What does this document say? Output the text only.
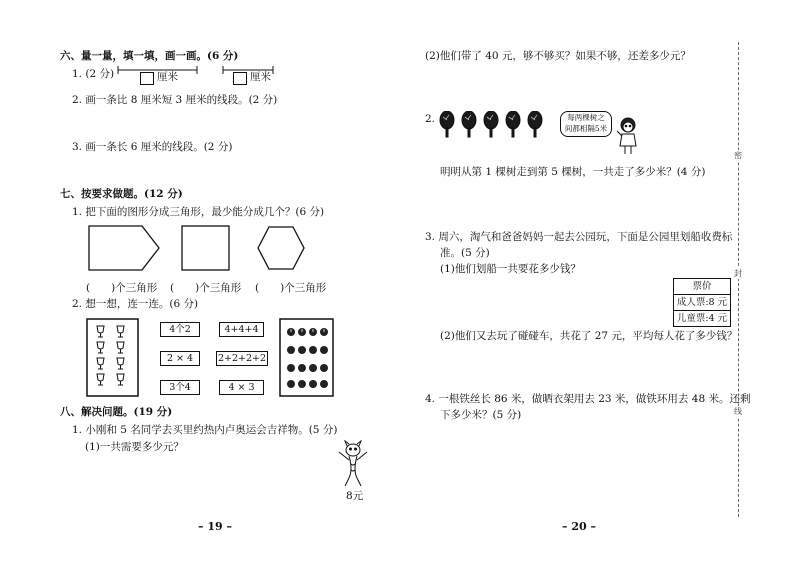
六、量一量，填一填，画一画。(6 分)
1. (2 分)	厘米	厘米
2. 画一条比 8 厘米短 3 厘米的线段。(2 分)
3. 画一条长 6 厘米的线段。(2 分)
七、按要求做题。(12 分)
1. 把下面的图形分成三角形，最少能分成几个？(6 分)
(　　)个三角形 (　　)个三角形 (　　)个三角形
2. 想一想，连一连。(6 分)
4个2	4+4+4
2 × 4	2+2+2+2
3个4	4 × 3
八、解决问题。(19 分)
1. 小刚和 5 名同学去买里约热内卢奥运会吉祥物。(5 分)
(1)一共需要多少元？
8元
– 19 –
(2)他们带了 40 元，够不够买？如果不够，还差多少元？
2.	每两棵树之
间都相隔5米
明明从第 1 棵树走到第 5 棵树，一共走了多少米？(4 分)
3. 周六，淘气和爸爸妈妈一起去公园玩，下面是公园里划船收费标
准。(5 分)
(1)他们划船一共要花多少钱？
票价
成人票:8 元
儿童票:4 元
(2)他们又去玩了碰碰车，共花了 27 元，平均每人花了多少钱？
4. 一根铁丝长 86 米，做晒衣架用去 23 米，做铁环用去 48 米。还剩
下多少米？(5 分)
– 20 –
密
封
线
